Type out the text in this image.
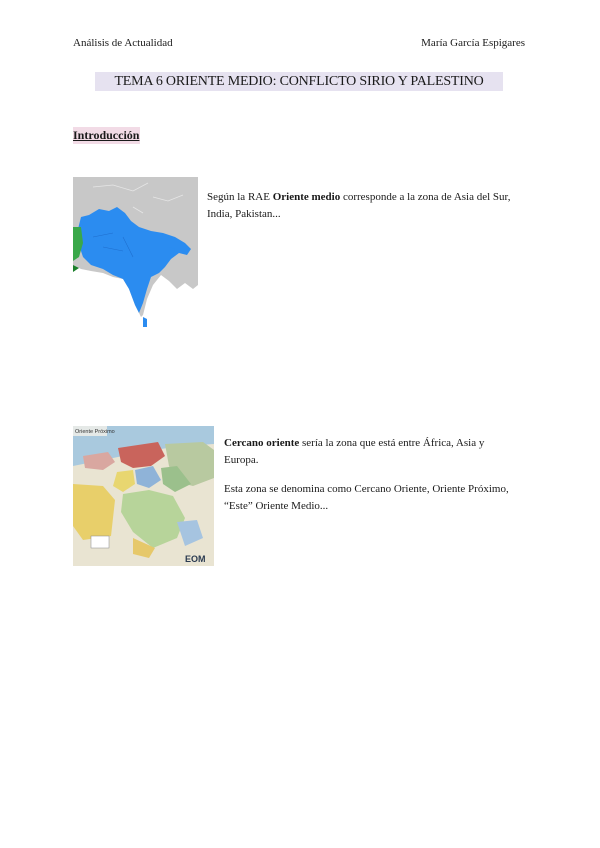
Análisis de Actualidad	María García Espigares
TEMA 6 ORIENTE MEDIO: CONFLICTO SIRIO Y PALESTINO
Introducción
Según la RAE Oriente medio corresponde a la zona de Asia del Sur, India, Pakistan...
Oriente Próximo
EOM
Cercano oriente sería la zona que está entre África, Asia y Europa.
Esta zona se denomina como Cercano Oriente, Oriente Próximo, “Este” Oriente Medio...
